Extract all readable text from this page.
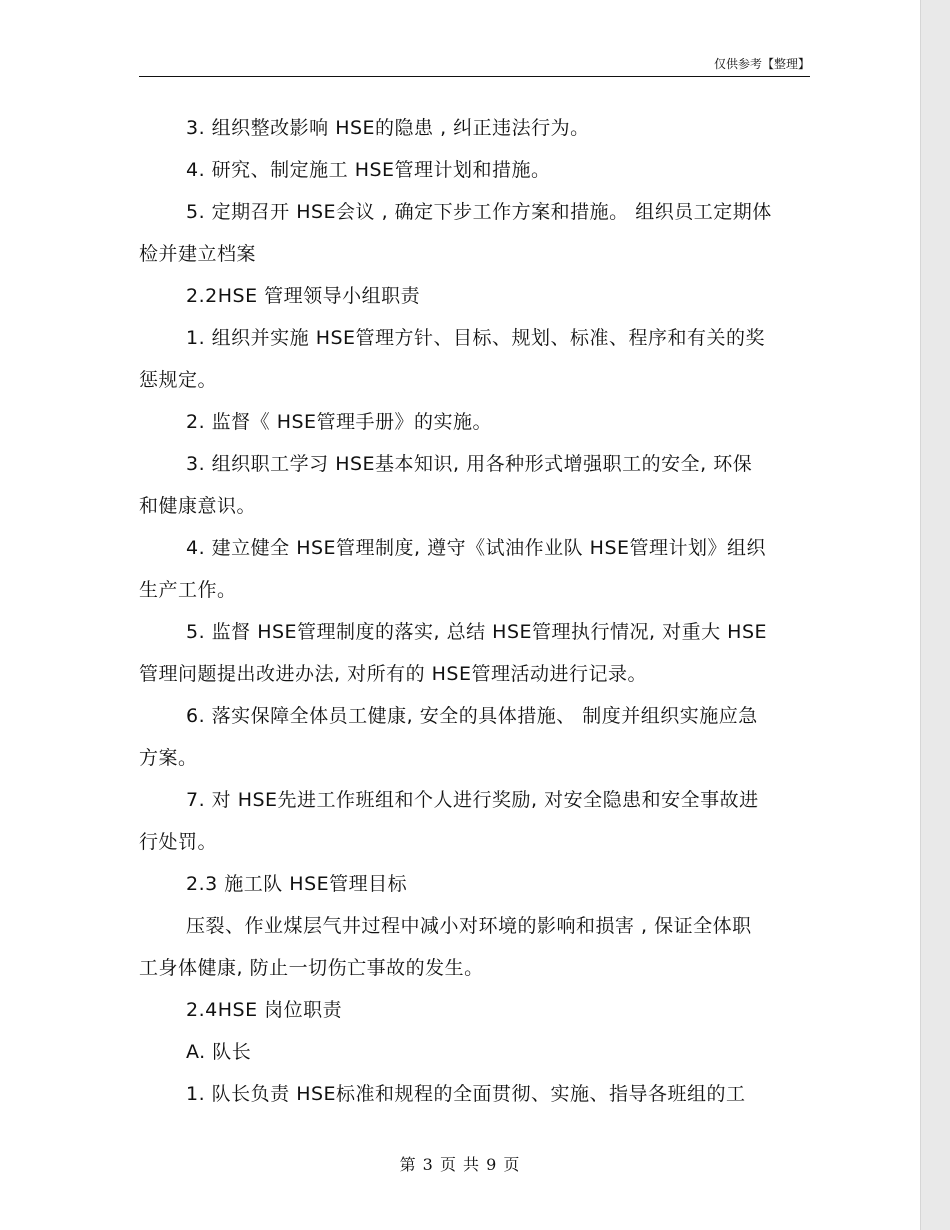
仅供参考【整理】

3. 组织整改影响 HSE的隐患 , 纠正违法行为。

4. 研究、制定施工 HSE管理计划和措施。

5. 定期召开 HSE会议 , 确定下步工作方案和措施。 组织员工定期体

检并建立档案

2.2HSE 管理领导小组职责

1. 组织并实施 HSE管理方针、目标、规划、标准、程序和有关的奖

惩规定。

2. 监督《 HSE管理手册》的实施。

3. 组织职工学习 HSE基本知识, 用各种形式增强职工的安全, 环保

和健康意识。

4. 建立健全 HSE管理制度, 遵守《试油作业队 HSE管理计划》组织

生产工作。

5. 监督 HSE管理制度的落实, 总结 HSE管理执行情况, 对重大 HSE

管理问题提出改进办法, 对所有的 HSE管理活动进行记录。

6. 落实保障全体员工健康, 安全的具体措施、 制度并组织实施应急

方案。

7. 对 HSE先进工作班组和个人进行奖励, 对安全隐患和安全事故进

行处罚。

2.3 施工队 HSE管理目标

压裂、作业煤层气井过程中减小对环境的影响和损害 , 保证全体职

工身体健康, 防止一切伤亡事故的发生。

2.4HSE 岗位职责

A. 队长

1. 队长负责 HSE标准和规程的全面贯彻、实施、指导各班组的工

第 3 页 共 9 页
